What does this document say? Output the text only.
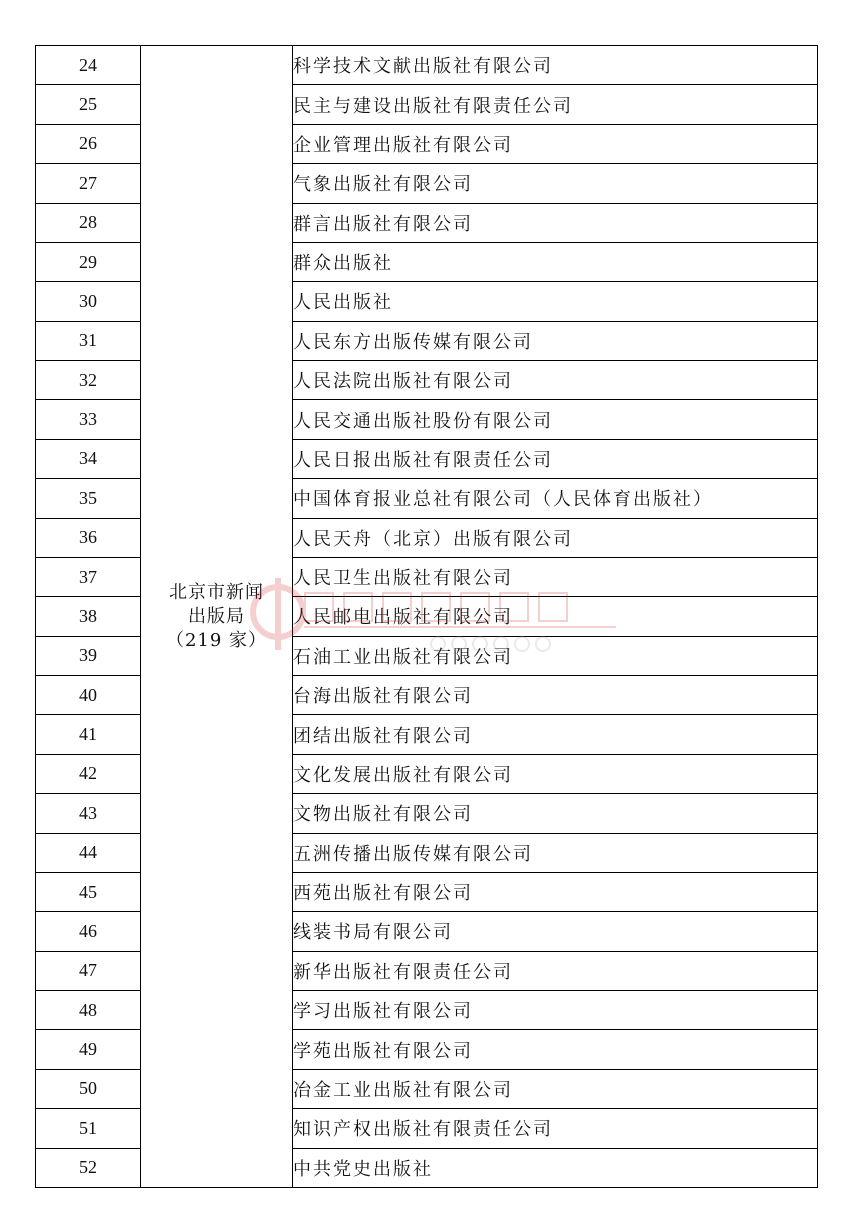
24	北京市新闻
出版局
（219 家）	科学技术文献出版社有限公司
25		民主与建设出版社有限责任公司
26		企业管理出版社有限公司
27		气象出版社有限公司
28		群言出版社有限公司
29		群众出版社
30		人民出版社
31		人民东方出版传媒有限公司
32		人民法院出版社有限公司
33		人民交通出版社股份有限公司
34		人民日报出版社有限责任公司
35		中国体育报业总社有限公司（人民体育出版社）
36		人民天舟（北京）出版有限公司
37		人民卫生出版社有限公司
38		人民邮电出版社有限公司
39		石油工业出版社有限公司
40		台海出版社有限公司
41		团结出版社有限公司
42		文化发展出版社有限公司
43		文物出版社有限公司
44		五洲传播出版传媒有限公司
45		西苑出版社有限公司
46		线装书局有限公司
47		新华出版社有限责任公司
48		学习出版社有限公司
49		学苑出版社有限公司
50		冶金工业出版社有限公司
51		知识产权出版社有限责任公司
52		中共党史出版社
